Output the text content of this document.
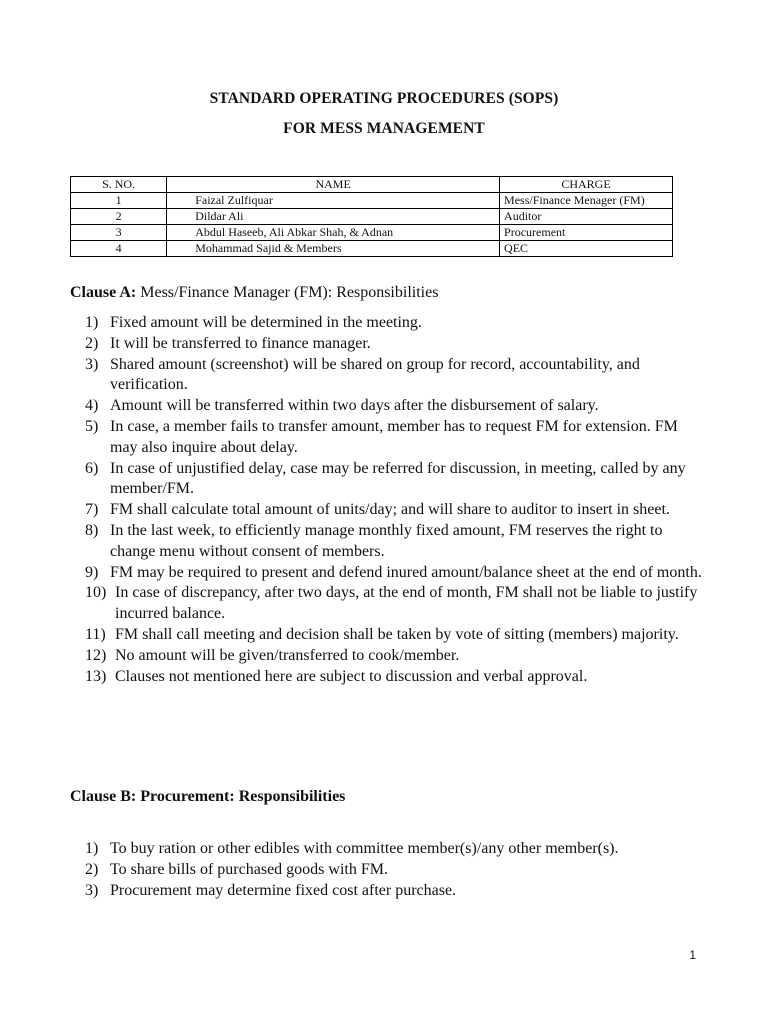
STANDARD OPERATING PROCEDURES (SOPS)
FOR MESS MANAGEMENT
S. NO.	NAME	CHARGE
1	Faizal Zulfiquar	Mess/Finance Menager (FM)
2	Dildar Ali	Auditor
3	Abdul Haseeb, Ali Abkar Shah, & Adnan	Procurement
4	Mohammad Sajid & Members	QEC
Clause A: Mess/Finance Manager (FM): Responsibilities
1) Fixed amount will be determined in the meeting.
2) It will be transferred to finance manager.
3) Shared amount (screenshot) will be shared on group for record, accountability, and verification.
4) Amount will be transferred within two days after the disbursement of salary.
5) In case, a member fails to transfer amount, member has to request FM for extension. FM may also inquire about delay.
6) In case of unjustified delay, case may be referred for discussion, in meeting, called by any member/FM.
7) FM shall calculate total amount of units/day; and will share to auditor to insert in sheet.
8) In the last week, to efficiently manage monthly fixed amount, FM reserves the right to change menu without consent of members.
9) FM may be required to present and defend inured amount/balance sheet at the end of month.
10) In case of discrepancy, after two days, at the end of month, FM shall not be liable to justify incurred balance.
11) FM shall call meeting and decision shall be taken by vote of sitting (members) majority.
12) No amount will be given/transferred to cook/member.
13) Clauses not mentioned here are subject to discussion and verbal approval.
Clause B: Procurement: Responsibilities
1) To buy ration or other edibles with committee member(s)/any other member(s).
2) To share bills of purchased goods with FM.
3) Procurement may determine fixed cost after purchase.
1
